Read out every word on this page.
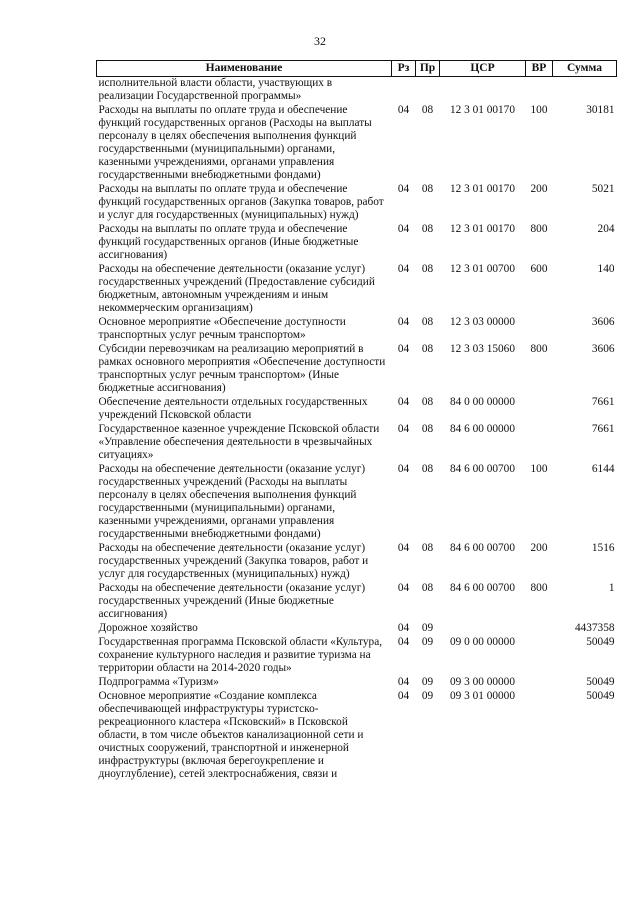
32
Наименование	Рз	Пр	ЦСР	ВР	Сумма
исполнительной власти области, участвующих в реализации Государственной программы»					
Расходы на выплаты по оплате труда и обеспечение функций государственных органов (Расходы на выплаты персоналу в целях обеспечения выполнения функций государственными (муниципальными) органами, казенными учреждениями, органами управления государственными внебюджетными фондами)	04	08	12 3 01 00170	100	30181
Расходы на выплаты по оплате труда и обеспечение функций государственных органов (Закупка товаров, работ и услуг для государственных (муниципальных) нужд)	04	08	12 3 01 00170	200	5021
Расходы на выплаты по оплате труда и обеспечение функций государственных органов (Иные бюджетные ассигнования)	04	08	12 3 01 00170	800	204
Расходы на обеспечение деятельности (оказание услуг) государственных учреждений (Предоставление субсидий бюджетным, автономным учреждениям и иным некоммерческим организациям)	04	08	12 3 01 00700	600	140
Основное мероприятие «Обеспечение доступности транспортных услуг речным транспортом»	04	08	12 3 03 00000		3606
Субсидии перевозчикам на реализацию мероприятий в рамках основного мероприятия «Обеспечение доступности транспортных услуг речным транспортом» (Иные бюджетные ассигнования)	04	08	12 3 03 15060	800	3606
Обеспечение деятельности отдельных государственных учреждений Псковской области	04	08	84 0 00 00000		7661
Государственное казенное учреждение Псковской области «Управление обеспечения деятельности в чрезвычайных ситуациях»	04	08	84 6 00 00000		7661
Расходы на обеспечение деятельности (оказание услуг) государственных учреждений (Расходы на выплаты персоналу в целях обеспечения выполнения функций государственными (муниципальными) органами, казенными учреждениями, органами управления государственными внебюджетными фондами)	04	08	84 6 00 00700	100	6144
Расходы на обеспечение деятельности (оказание услуг) государственных учреждений (Закупка товаров, работ и услуг для государственных (муниципальных) нужд)	04	08	84 6 00 00700	200	1516
Расходы на обеспечение деятельности (оказание услуг) государственных учреждений (Иные бюджетные ассигнования)	04	08	84 6 00 00700	800	1
Дорожное хозяйство	04	09			4437358
Государственная программа Псковской области «Культура, сохранение культурного наследия и развитие туризма на территории области на 2014-2020 годы»	04	09	09 0 00 00000		50049
Подпрограмма «Туризм»	04	09	09 3 00 00000		50049
Основное мероприятие «Создание комплекса обеспечивающей инфраструктуры туристско-рекреационного кластера «Псковский» в Псковской области, в том числе объектов канализационной сети и очистных сооружений, транспортной и инженерной инфраструктуры (включая берегоукрепление и дноуглубление), сетей электроснабжения, связи и	04	09	09 3 01 00000		50049
